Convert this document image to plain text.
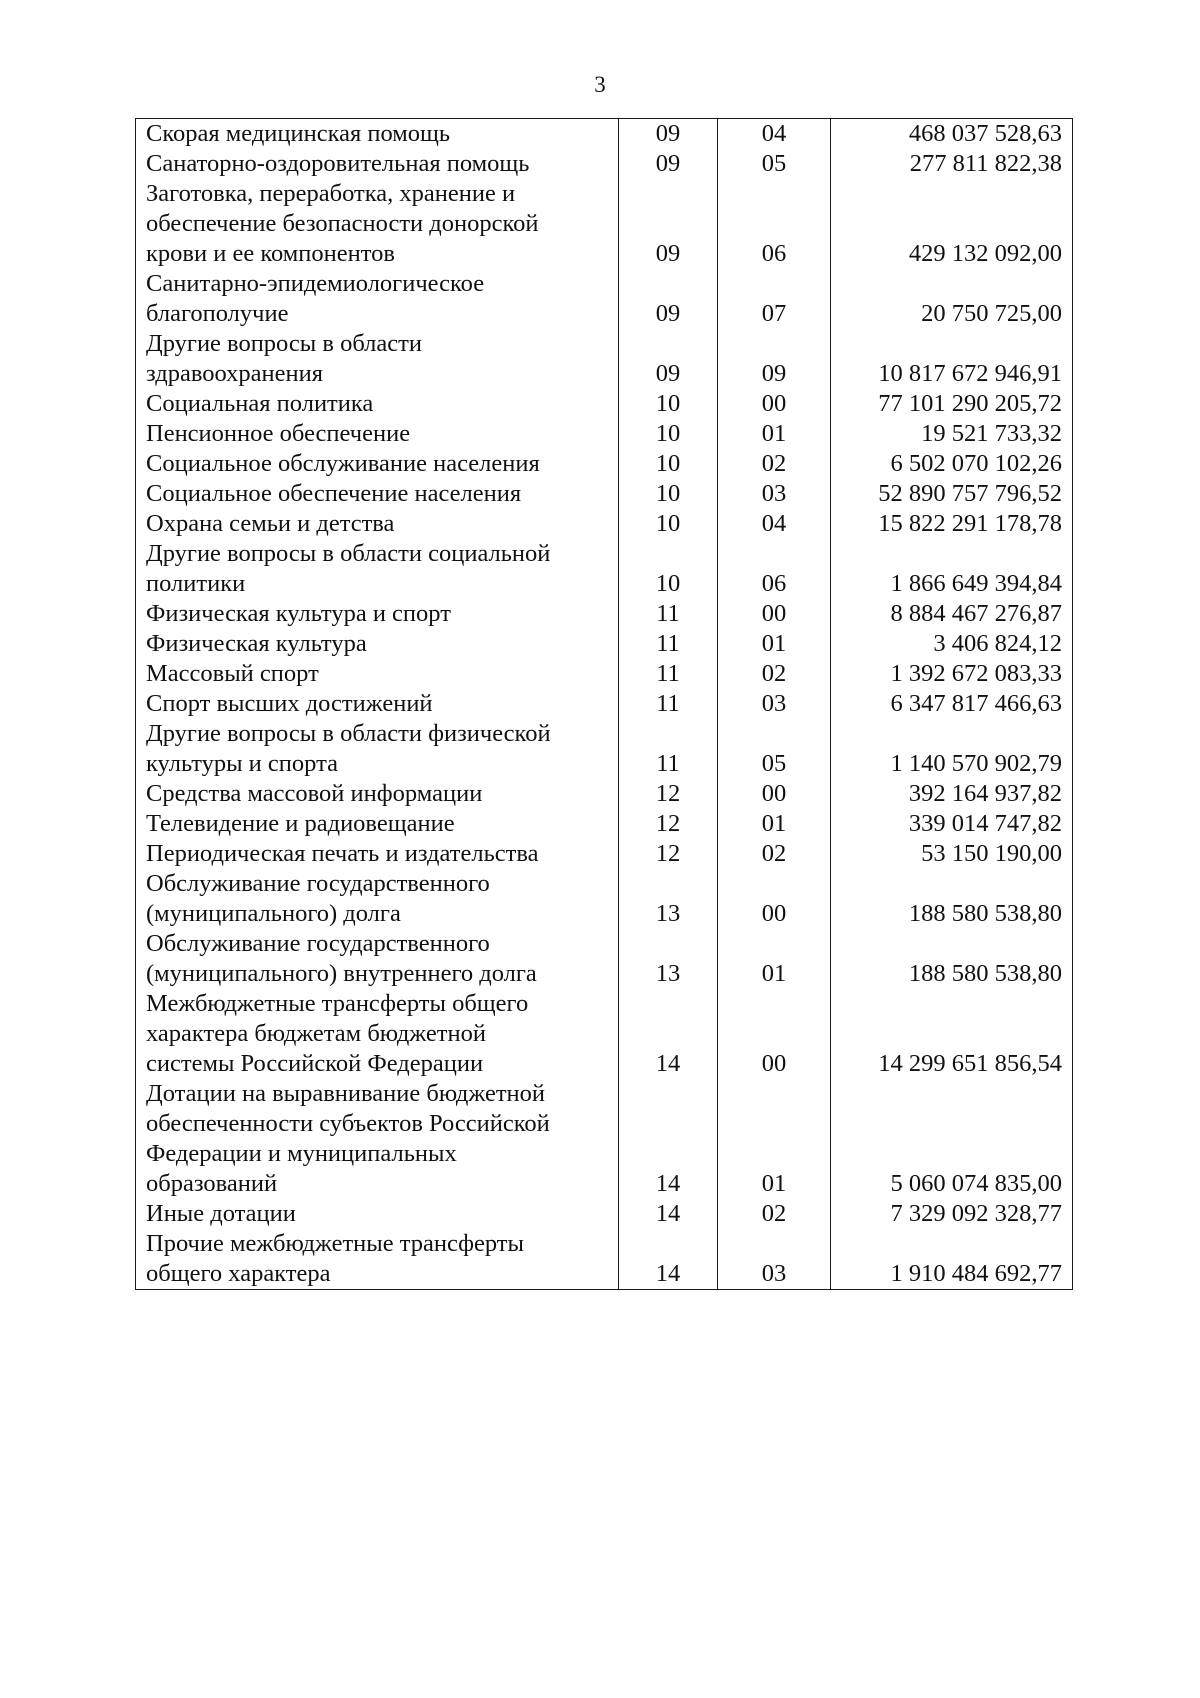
3
Скорая медицинская помощь	09	04	468 037 528,63
Санаторно-оздоровительная помощь	09	05	277 811 822,38
Заготовка, переработка, хранение и
обеспечение безопасности донорской
крови и ее компонентов	09	06	429 132 092,00
Санитарно-эпидемиологическое
благополучие	09	07	20 750 725,00
Другие вопросы в области
здравоохранения	09	09	10 817 672 946,91
Социальная политика	10	00	77 101 290 205,72
Пенсионное обеспечение	10	01	19 521 733,32
Социальное обслуживание населения	10	02	6 502 070 102,26
Социальное обеспечение населения	10	03	52 890 757 796,52
Охрана семьи и детства	10	04	15 822 291 178,78
Другие вопросы в области социальной
политики	10	06	1 866 649 394,84
Физическая культура и спорт	11	00	8 884 467 276,87
Физическая культура	11	01	3 406 824,12
Массовый спорт	11	02	1 392 672 083,33
Спорт высших достижений	11	03	6 347 817 466,63
Другие вопросы в области физической
культуры и спорта	11	05	1 140 570 902,79
Средства массовой информации	12	00	392 164 937,82
Телевидение и радиовещание	12	01	339 014 747,82
Периодическая печать и издательства	12	02	53 150 190,00
Обслуживание государственного
(муниципального) долга	13	00	188 580 538,80
Обслуживание государственного
(муниципального) внутреннего долга	13	01	188 580 538,80
Межбюджетные трансферты общего
характера бюджетам бюджетной
системы Российской Федерации	14	00	14 299 651 856,54
Дотации на выравнивание бюджетной
обеспеченности субъектов Российской
Федерации и муниципальных
образований	14	01	5 060 074 835,00
Иные дотации	14	02	7 329 092 328,77
Прочие межбюджетные трансферты
общего характера	14	03	1 910 484 692,77
